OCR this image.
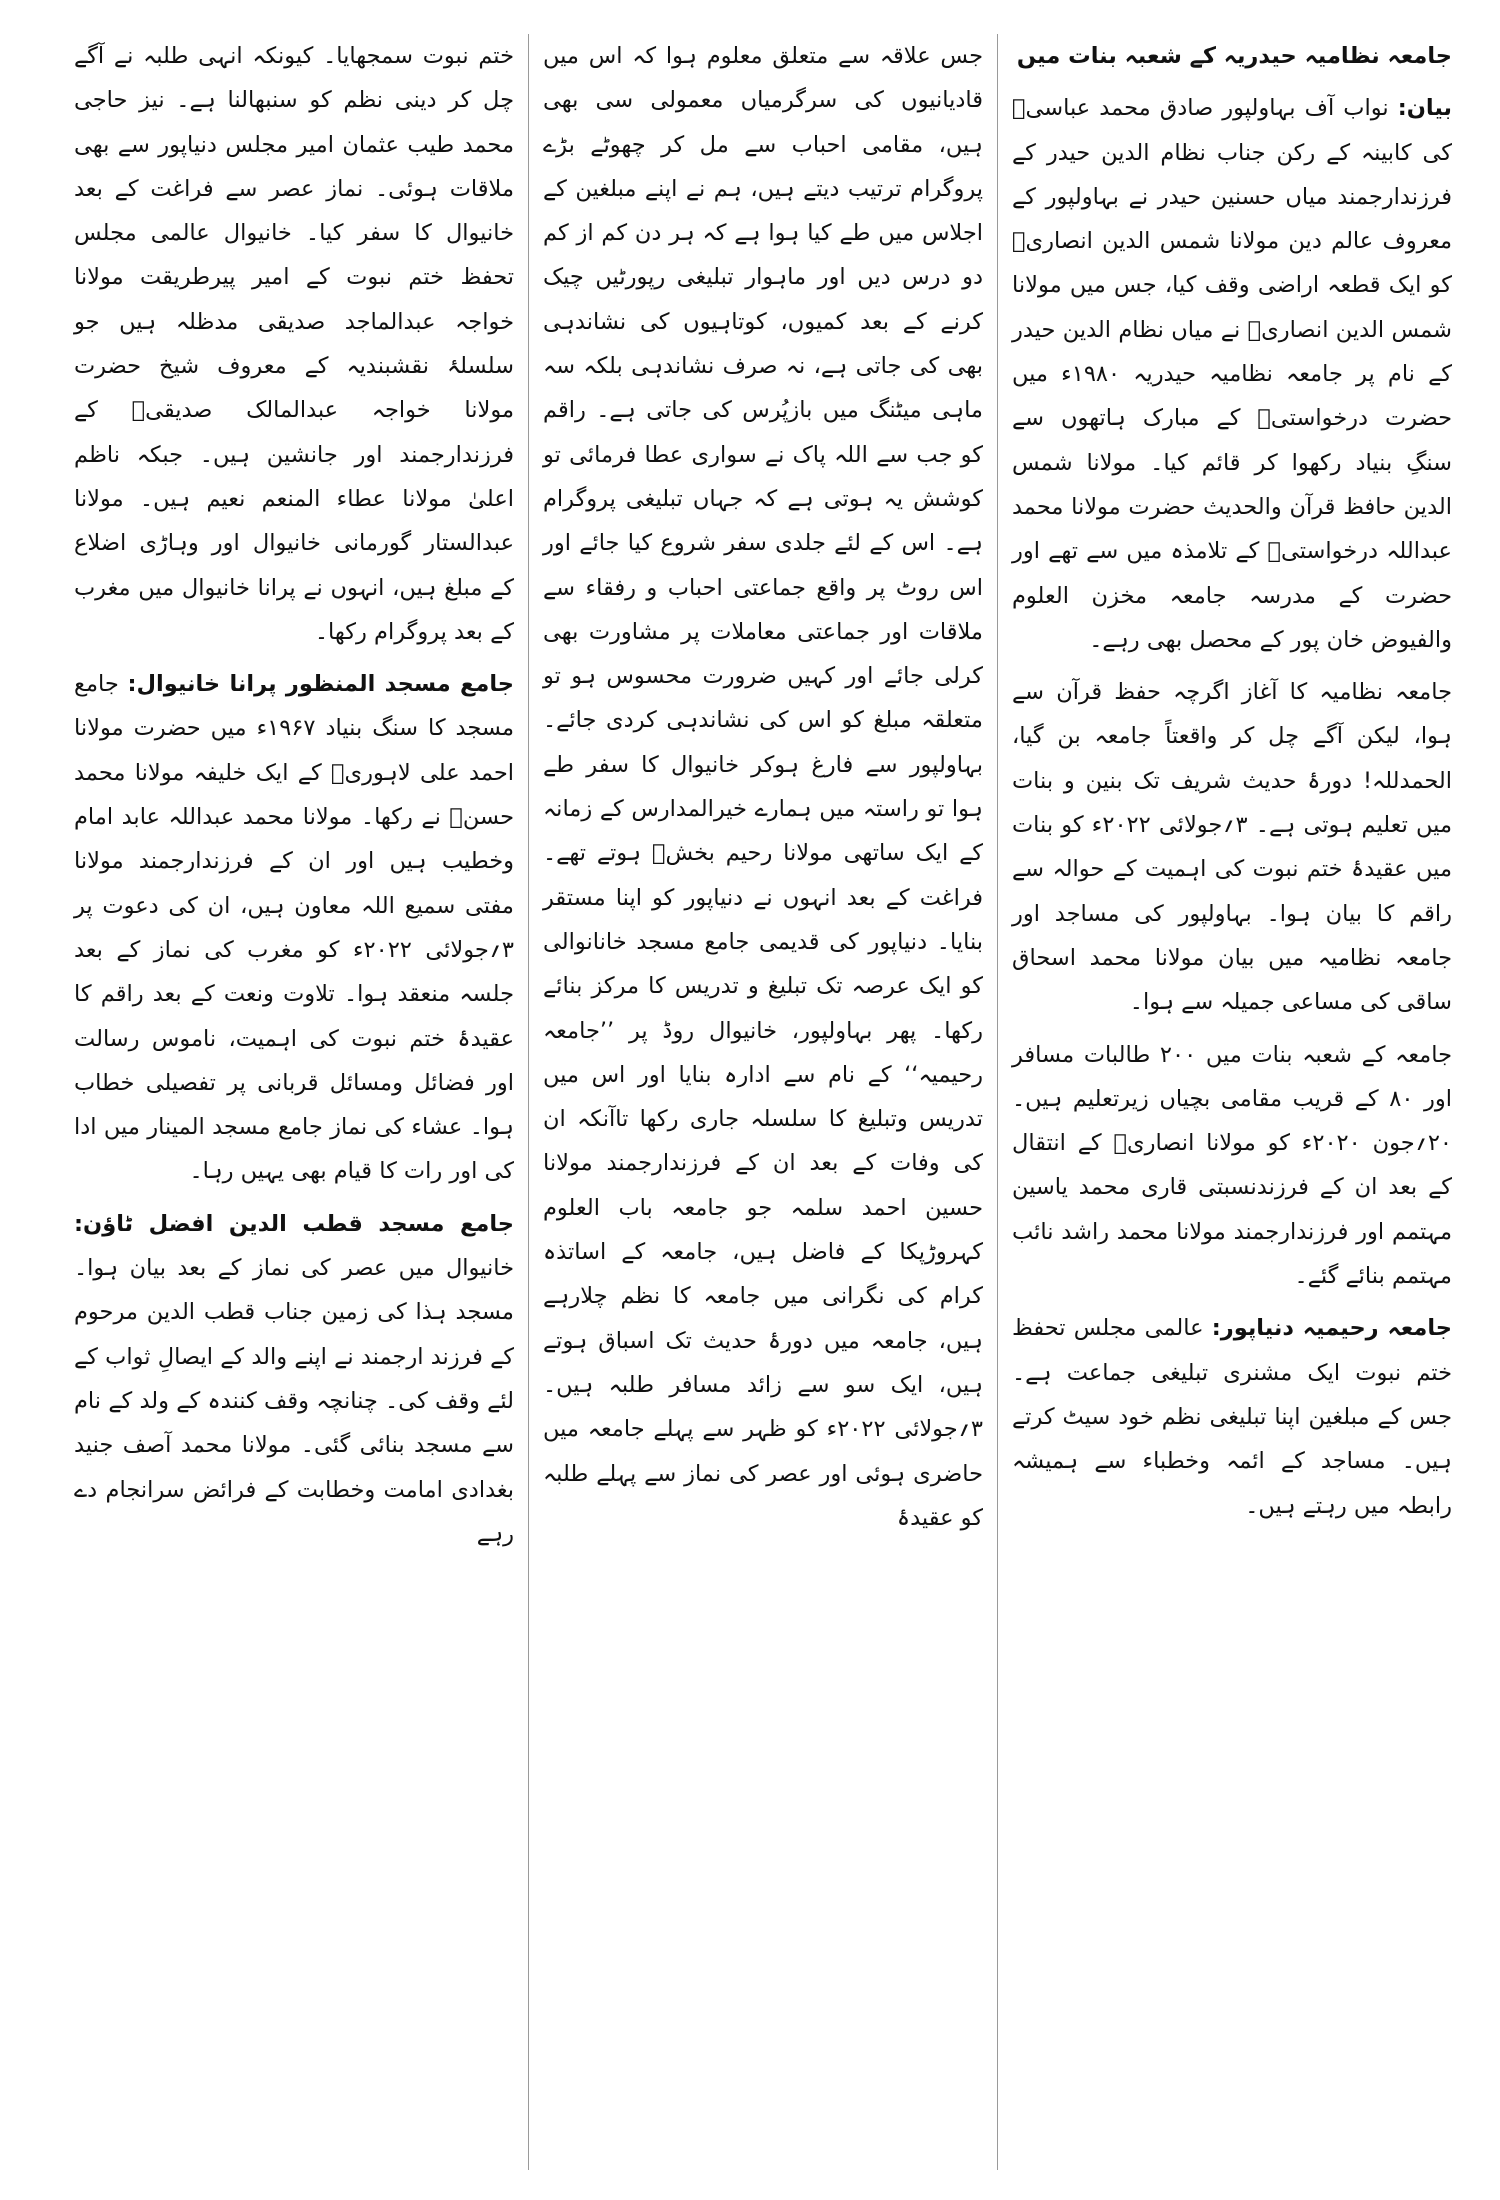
جامعہ نظامیہ حیدریہ کے شعبہ بنات میں

بیان: نواب آف بہاولپور صادق محمد عباسیؒ کی کابینہ کے رکن جناب نظام الدین حیدر کے فرزندارجمند میاں حسنین حیدر نے بہاولپور کے معروف عالم دین مولانا شمس الدین انصاریؒ کو ایک قطعہ اراضی وقف کیا، جس میں مولانا شمس الدین انصاریؒ نے میاں نظام الدین حیدر کے نام پر جامعہ نظامیہ حیدریہ ۱۹۸۰ء میں حضرت درخواستیؒ کے مبارک ہاتھوں سے سنگِ بنیاد رکھوا کر قائم کیا۔ مولانا شمس الدین حافظ قرآن والحدیث حضرت مولانا محمد عبداللہ درخواستیؒ کے تلامذہ میں سے تھے اور حضرت کے مدرسہ جامعہ مخزن العلوم والفیوض خان پور کے محصل بھی رہے۔

جامعہ نظامیہ کا آغاز اگرچہ حفظ قرآن سے ہوا، لیکن آگے چل کر واقعتاً جامعہ بن گیا، الحمدللہ! دورۂ حدیث شریف تک بنین و بنات میں تعلیم ہوتی ہے۔ ۳؍جولائی ۲۰۲۲ء کو بنات میں عقیدۂ ختم نبوت کی اہمیت کے حوالہ سے راقم کا بیان ہوا۔ بہاولپور کی مساجد اور جامعہ نظامیہ میں بیان مولانا محمد اسحاق ساقی کی مساعی جمیلہ سے ہوا۔

جامعہ کے شعبہ بنات میں ۲۰۰ طالبات مسافر اور ۸۰ کے قریب مقامی بچیاں زیرتعلیم ہیں۔ ۲۰؍جون ۲۰۲۰ء کو مولانا انصاریؒ کے انتقال کے بعد ان کے فرزندنسبتی قاری محمد یاسین مہتمم اور فرزندارجمند مولانا محمد راشد نائب مہتمم بنائے گئے۔

جامعہ رحیمیہ دنیاپور: عالمی مجلس تحفظ ختم نبوت ایک مشنری تبلیغی جماعت ہے۔ جس کے مبلغین اپنا تبلیغی نظم خود سیٹ کرتے ہیں۔ مساجد کے ائمہ وخطباء سے ہمیشہ رابطہ میں رہتے ہیں۔

جس علاقہ سے متعلق معلوم ہوا کہ اس میں قادیانیوں کی سرگرمیاں معمولی سی بھی ہیں، مقامی احباب سے مل کر چھوٹے بڑے پروگرام ترتیب دیتے ہیں، ہم نے اپنے مبلغین کے اجلاس میں طے کیا ہوا ہے کہ ہر دن کم از کم دو درس دیں اور ماہوار تبلیغی رپورٹیں چیک کرنے کے بعد کمیوں، کوتاہیوں کی نشاندہی بھی کی جاتی ہے، نہ صرف نشاندہی بلکہ سہ ماہی میٹنگ میں بازپُرس کی جاتی ہے۔ راقم کو جب سے اللہ پاک نے سواری عطا فرمائی تو کوشش یہ ہوتی ہے کہ جہاں تبلیغی پروگرام ہے۔ اس کے لئے جلدی سفر شروع کیا جائے اور اس روٹ پر واقع جماعتی احباب و رفقاء سے ملاقات اور جماعتی معاملات پر مشاورت بھی کرلی جائے اور کہیں ضرورت محسوس ہو تو متعلقہ مبلغ کو اس کی نشاندہی کردی جائے۔ بہاولپور سے فارغ ہوکر خانیوال کا سفر طے ہوا تو راستہ میں ہمارے خیرالمدارس کے زمانہ کے ایک ساتھی مولانا رحیم بخشؒ ہوتے تھے۔ فراغت کے بعد انہوں نے دنیاپور کو اپنا مستقر بنایا۔ دنیاپور کی قدیمی جامع مسجد خانانوالی کو ایک عرصہ تک تبلیغ و تدریس کا مرکز بنائے رکھا۔ پھر بہاولپور، خانیوال روڈ پر ’’جامعہ رحیمیہ‘‘ کے نام سے ادارہ بنایا اور اس میں تدریس وتبلیغ کا سلسلہ جاری رکھا تاآنکہ ان کی وفات کے بعد ان کے فرزندارجمند مولانا حسین احمد سلمہ جو جامعہ باب العلوم کہروڑپکا کے فاضل ہیں، جامعہ کے اساتذہ کرام کی نگرانی میں جامعہ کا نظم چلارہے ہیں، جامعہ میں دورۂ حدیث تک اسباق ہوتے ہیں، ایک سو سے زائد مسافر طلبہ ہیں۔ ۳؍جولائی ۲۰۲۲ء کو ظہر سے پہلے جامعہ میں حاضری ہوئی اور عصر کی نماز سے پہلے طلبہ کو عقیدۂ

ختم نبوت سمجھایا۔ کیونکہ انہی طلبہ نے آگے چل کر دینی نظم کو سنبھالنا ہے۔ نیز حاجی محمد طیب عثمان امیر مجلس دنیاپور سے بھی ملاقات ہوئی۔ نماز عصر سے فراغت کے بعد خانیوال کا سفر کیا۔ خانیوال عالمی مجلس تحفظ ختم نبوت کے امیر پیرطریقت مولانا خواجہ عبدالماجد صدیقی مدظلہ ہیں جو سلسلۂ نقشبندیہ کے معروف شیخ حضرت مولانا خواجہ عبدالمالک صدیقیؒ کے فرزندارجمند اور جانشین ہیں۔ جبکہ ناظم اعلیٰ مولانا عطاء المنعم نعیم ہیں۔ مولانا عبدالستار گورمانی خانیوال اور وہاڑی اضلاع کے مبلغ ہیں، انہوں نے پرانا خانیوال میں مغرب کے بعد پروگرام رکھا۔

جامع مسجد المنظور پرانا خانیوال: جامع مسجد کا سنگ بنیاد ۱۹۶۷ء میں حضرت مولانا احمد علی لاہوریؒ کے ایک خلیفہ مولانا محمد حسنؒ نے رکھا۔ مولانا محمد عبداللہ عابد امام وخطیب ہیں اور ان کے فرزندارجمند مولانا مفتی سمیع اللہ معاون ہیں، ان کی دعوت پر ۳؍جولائی ۲۰۲۲ء کو مغرب کی نماز کے بعد جلسہ منعقد ہوا۔ تلاوت ونعت کے بعد راقم کا عقیدۂ ختم نبوت کی اہمیت، ناموس رسالت اور فضائل ومسائل قربانی پر تفصیلی خطاب ہوا۔ عشاء کی نماز جامع مسجد المینار میں ادا کی اور رات کا قیام بھی یہیں رہا۔

جامع مسجد قطب الدین افضل ٹاؤن: خانیوال میں عصر کی نماز کے بعد بیان ہوا۔ مسجد ہذا کی زمین جناب قطب الدین مرحوم کے فرزند ارجمند نے اپنے والد کے ایصالِ ثواب کے لئے وقف کی۔ چنانچہ وقف کنندہ کے ولد کے نام سے مسجد بنائی گئی۔ مولانا محمد آصف جنید بغدادی امامت وخطابت کے فرائض سرانجام دے رہے
